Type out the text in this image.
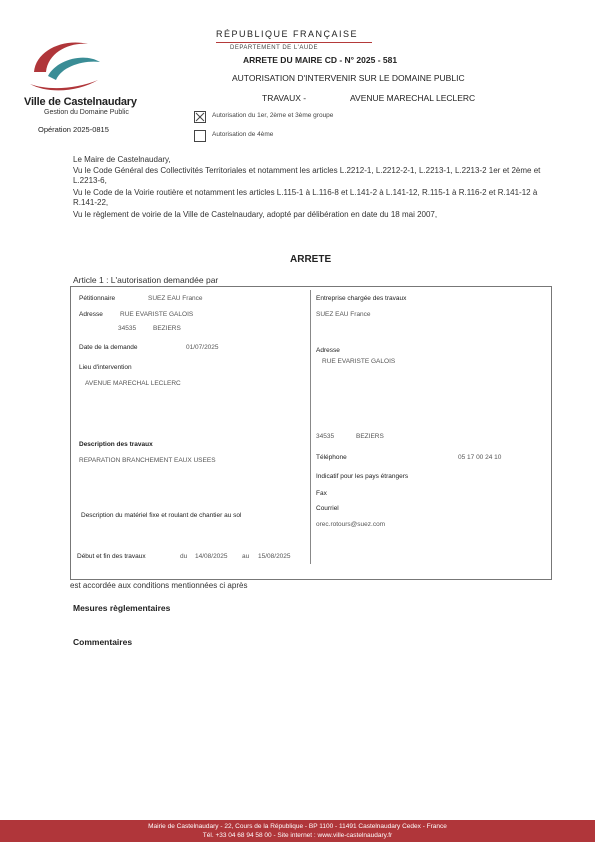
Ville de Castelnaudary
Gestion du Domaine Public
Opération 2025-0815
RÉPUBLIQUE FRANÇAISE
DEPARTEMENT DE L'AUDE
ARRETE DU MAIRE CD - N° 2025 - 581
AUTORISATION D'INTERVENIR SUR LE DOMAINE PUBLIC
TRAVAUX -	AVENUE MARECHAL LECLERC
Autorisation du 1er, 2ème et 3ème groupe
Autorisation de 4ème
Le Maire de Castelnaudary,
Vu le Code Général des Collectivités Territoriales et notamment les articles L.2212-1, L.2212-2-1, L.2213-1, L.2213-2 1er et 2ème et L.2213-6,
Vu le Code de la Voirie routière et notamment les articles L.115-1 à L.116-8 et L.141-2 à L.141-12, R.115-1 à R.116-2 et R.141-12 à R.141-22,
Vu le règlement de voirie de la Ville de Castelnaudary, adopté par délibération en date du 18 mai 2007,
ARRETE
Article 1 : L'autorisation demandée par
Pétitionnaire	SUEZ EAU France
Adresse	RUE EVARISTE GALOIS
34535	BEZIERS
Date de la demande	01/07/2025
Lieu d'intervention
AVENUE MARECHAL LECLERC
Description des travaux
REPARATION BRANCHEMENT EAUX USEES
Description du matériel fixe et roulant de chantier au sol
Début et fin des travaux	du 14/08/2025 au 15/08/2025
Entreprise chargée des travaux
SUEZ EAU France
Adresse
RUE EVARISTE GALOIS
34535	BEZIERS
Téléphone	05 17 00 24 10
Indicatif pour les pays étrangers
Fax
Courriel
orec.rotours@suez.com
est accordée aux conditions mentionnées ci après
Mesures règlementaires
Commentaires
Mairie de Castelnaudary - 22, Cours de la République - BP 1100 - 11491 Castelnaudary Cedex - France
Tél. +33 04 68 94 58 00 - Site internet : www.ville-castelnaudary.fr
